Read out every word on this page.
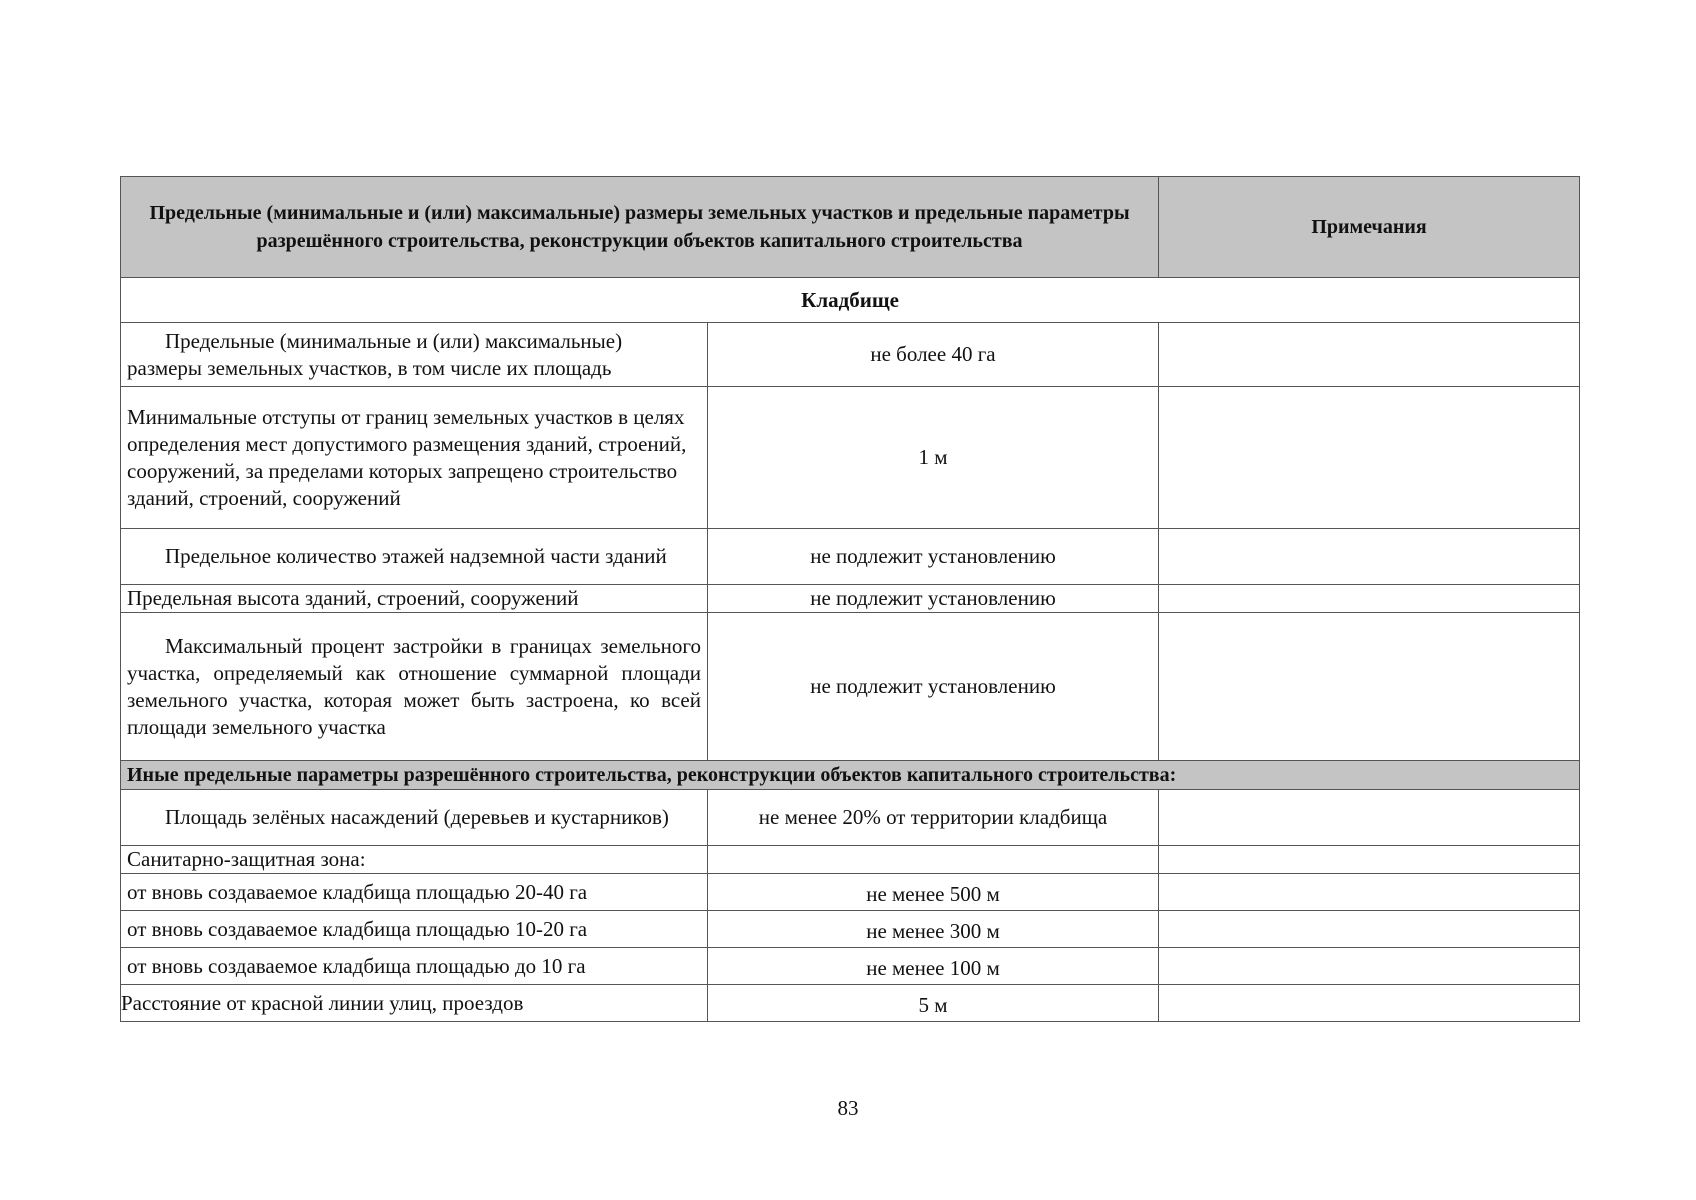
Предельные (минимальные и (или) максимальные) размеры земельных участков и предельные параметры разрешённого строительства, реконструкции объектов капитального строительства		Примечания
Кладбище		
Предельные (минимальные и (или) максимальные) размеры земельных участков, в том числе их площадь	не более 40 га	
Минимальные отступы от границ земельных участков в целях определения мест допустимого размещения зданий, строений, сооружений, за пределами которых запрещено строительство зданий, строений, сооружений	1 м	
Предельное количество этажей надземной части зданий	не подлежит установлению	
Предельная высота зданий, строений, сооружений	не подлежит установлению	
Максимальный процент застройки в границах земельного участка, определяемый как отношение суммарной площади земельного участка, которая может быть застроена, ко всей площади земельного участка	не подлежит установлению	
Иные предельные параметры разрешённого строительства, реконструкции объектов капитального строительства:		
Площадь зелёных насаждений (деревьев и кустарников)	не менее 20% от территории кладбища	
Санитарно-защитная зона:		
от вновь создаваемое кладбища площадью 20-40 га	не менее 500 м	
от вновь создаваемое кладбища площадью 10-20 га	не менее 300 м	
от вновь создаваемое кладбища площадью до 10 га	не менее 100 м	
Расстояние от красной линии улиц, проездов	5 м	
83
